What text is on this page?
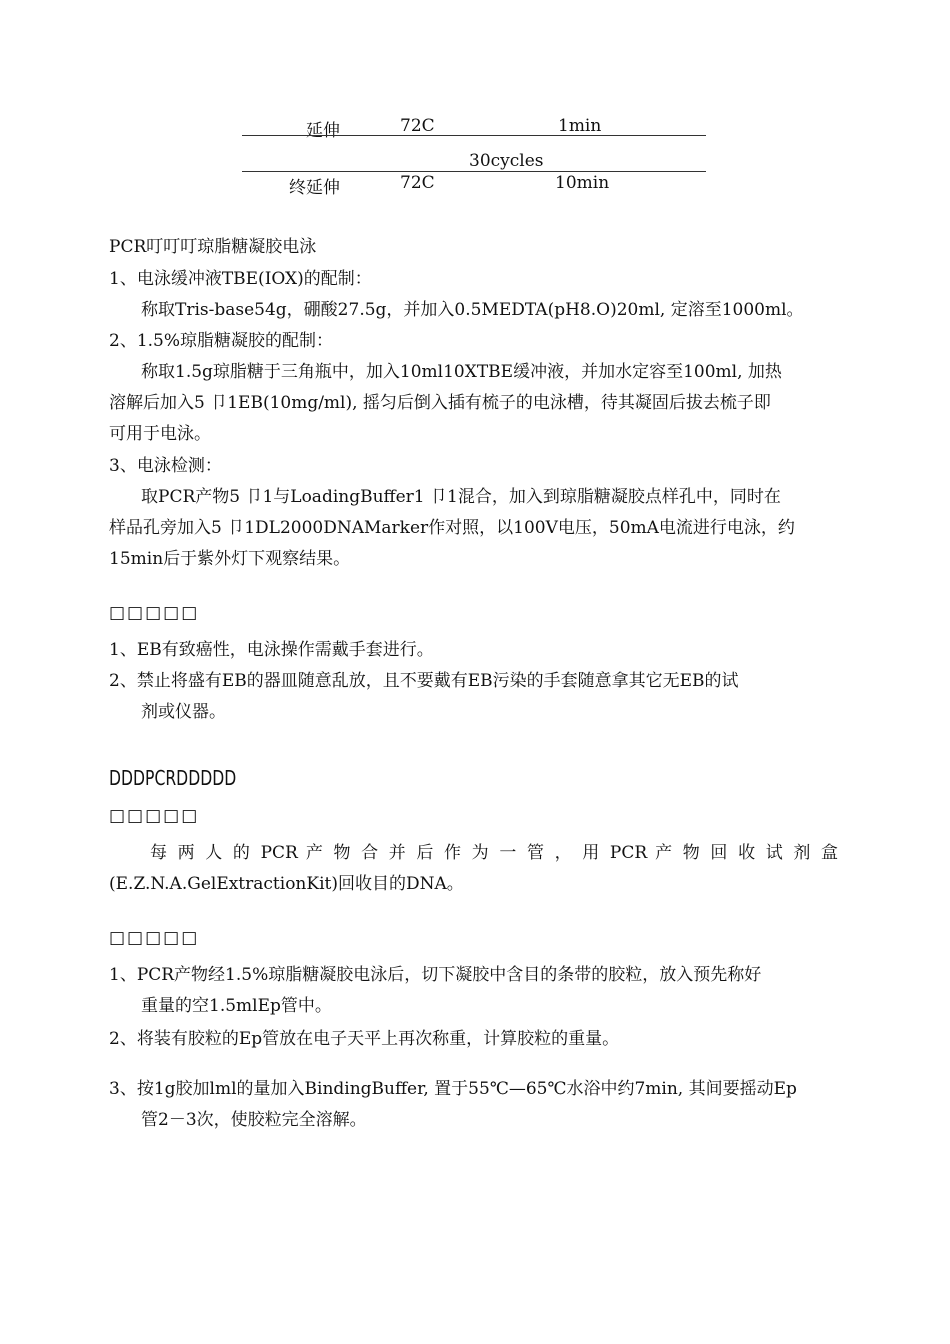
延伸	72C	1min
30cycles
终延伸	72C	10min
PCR叮叮叮琼脂糖凝胶电泳
1、电泳缓冲液TBE(IOX)的配制：
称取Tris-base54g，硼酸27.5g，并加入0.5MEDTA(pH8.O)20ml, 定溶至1000ml。
2、1.5%琼脂糖凝胶的配制：
称取1.5g琼脂糖于三角瓶中，加入10ml10XTBE缓冲液，并加水定容至100ml, 加热
溶解后加入5 卩1EB(10mg/ml), 摇匀后倒入插有梳子的电泳槽，待其凝固后拔去梳子即
可用于电泳。
3、电泳检测：
取PCR产物5 卩1与LoadingBuffer1 卩1混合，加入到琼脂糖凝胶点样孔中，同时在
样品孔旁加入5 卩1DL2000DNAMarker作对照，以100V电压，50mA电流进行电泳，约
15min后于紫外灯下观察结果。
□□□□□
1、EB有致癌性，电泳操作需戴手套进行。
2、禁止将盛有EB的器皿随意乱放，且不要戴有EB污染的手套随意拿其它无EB的试
剂或仪器。
DDDPCRDDDDD
□□□□□
每 两 人 的 PCR 产 物 合 并 后 作 为 一 管 ， 用 PCR 产 物 回 收 试 剂 盒
(E.Z.N.A.GelExtractionKit)回收目的DNA。
□□□□□
1、PCR产物经1.5%琼脂糖凝胶电泳后，切下凝胶中含目的条带的胶粒，放入预先称好
重量的空1.5mlEp管中。
2、将装有胶粒的Ep管放在电子天平上再次称重，计算胶粒的重量。
3、按1g胶加lml的量加入BindingBuffer, 置于55℃—65℃水浴中约7min, 其间要摇动Ep
管2－3次，使胶粒完全溶解。
